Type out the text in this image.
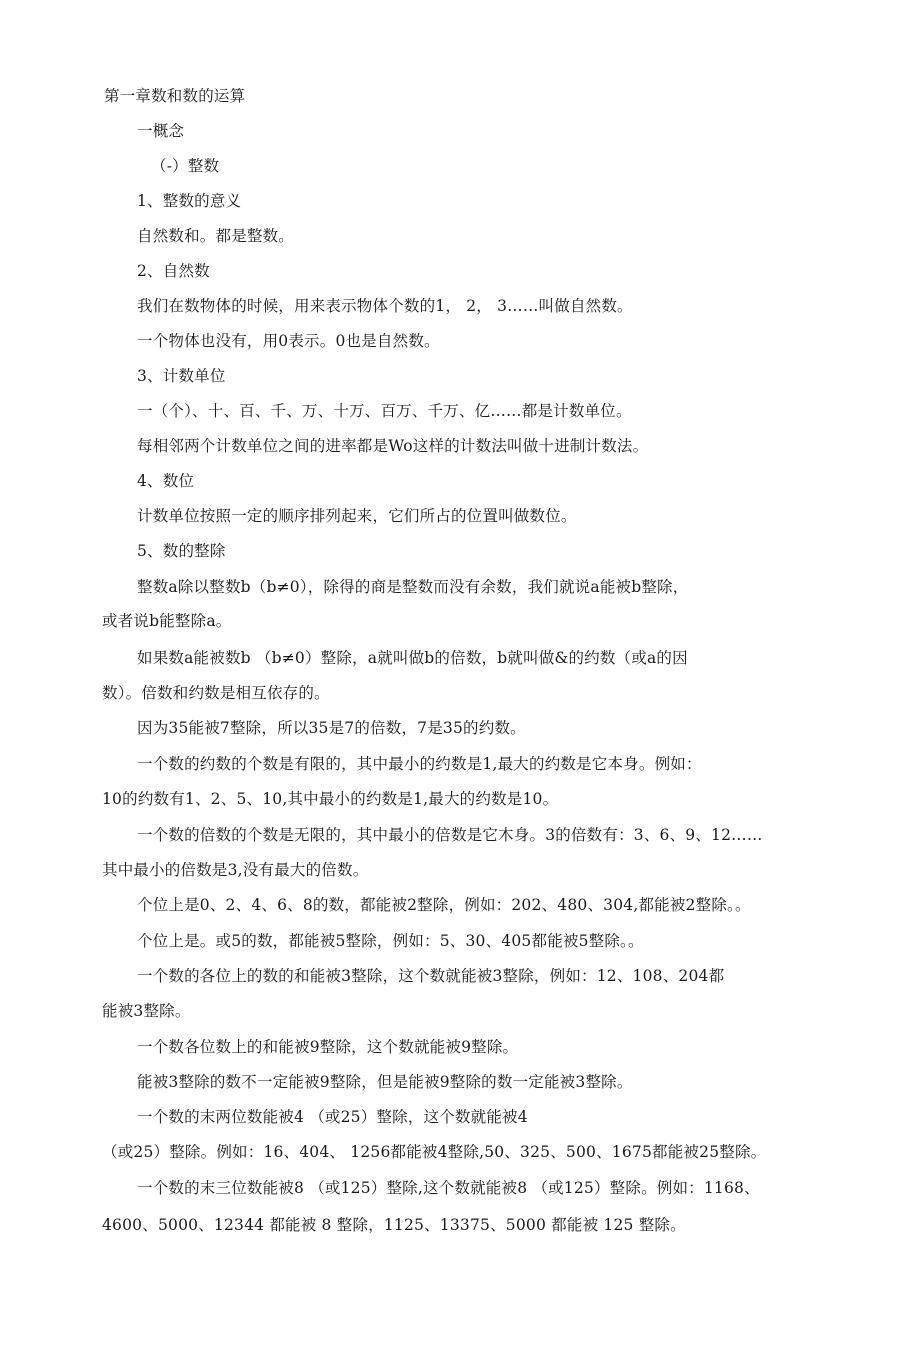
第一章数和数的运算
一概念
（-）整数
1、整数的意义
自然数和。都是整数。
2、自然数
我们在数物体的时候，用来表示物体个数的1， 2， 3……叫做自然数。
一个物体也没有，用0表示。0也是自然数。
3、计数单位
一（个）、十、百、千、万、十万、百万、千万、亿……都是计数单位。
每相邻两个计数单位之间的进率都是Wo这样的计数法叫做十进制计数法。
4、数位
计数单位按照一定的顺序排列起来，它们所占的位置叫做数位。
5、数的整除
整数a除以整数b（b≠0），除得的商是整数而没有余数，我们就说a能被b整除，
或者说b能整除a。
如果数a能被数b （b≠0）整除，a就叫做b的倍数，b就叫做&的约数（或a的因
数）。倍数和约数是相互依存的。
因为35能被7整除，所以35是7的倍数，7是35的约数。
一个数的约数的个数是有限的，其中最小的约数是1,最大的约数是它本身。例如：
10的约数有1、2、5、10,其中最小的约数是1,最大的约数是10。
一个数的倍数的个数是无限的，其中最小的倍数是它木身。3的倍数有：3、6、9、12……
其中最小的倍数是3,没有最大的倍数。
个位上是0、2、4、6、8的数，都能被2整除，例如：202、480、304,都能被2整除。。
个位上是。或5的数，都能被5整除，例如：5、30、405都能被5整除。。
一个数的各位上的数的和能被3整除，这个数就能被3整除，例如：12、108、204都
能被3整除。
一个数各位数上的和能被9整除，这个数就能被9整除。
能被3整除的数不一定能被9整除，但是能被9整除的数一定能被3整除。
一个数的末两位数能被4 （或25）整除，这个数就能被4
（或25）整除。例如：16、404、 1256都能被4整除,50、325、500、1675都能被25整除。
一个数的末三位数能被8 （或125）整除,这个数就能被8 （或125）整除。例如：1168、
4600、5000、12344 都能被 8 整除，1125、13375、5000 都能被 125 整除。
